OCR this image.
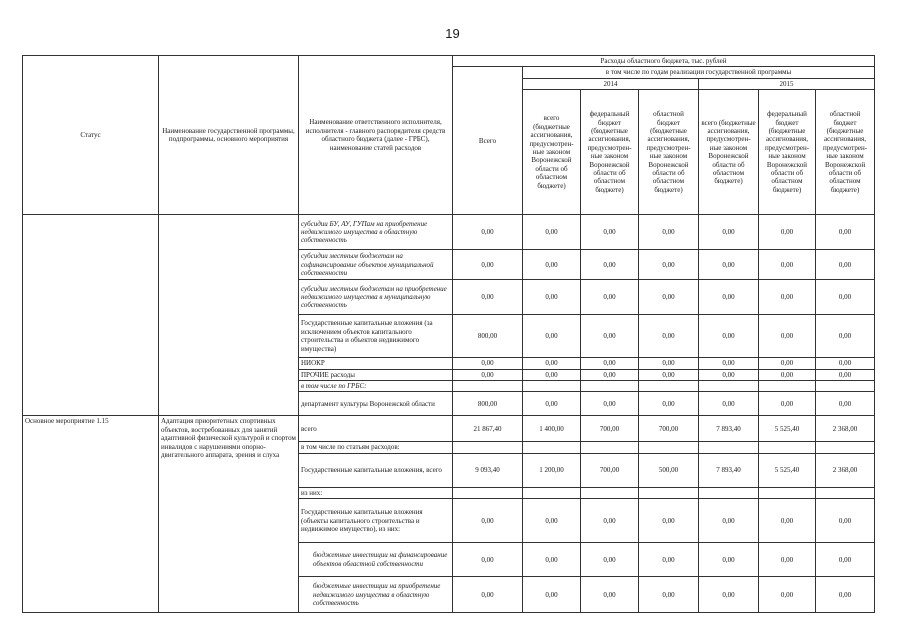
19
Статус	Наименование государственной программы, подпрограммы, основного мероприятия	Наименование ответственного исполнителя, исполнителя - главного распорядителя средств областного бюджета (далее - ГРБС), наименование статей расходов	Расходы областного бюджета, тыс. рублей						
			Всего	в том числе по годам реализации государственной программы					
				2014			2015		
				всего (бюджетные ассигнования, предусмотрен-ные законом Воронежской области об областном бюджете)	федеральный бюджет (бюджетные ассигнования, предусмотрен-ные законом Воронежской области об областном бюджете)	областной бюджет (бюджетные ассигнования, предусмотрен-ные законом Воронежской области об областном бюджете)	всего (бюджетные ассигнования, предусмотрен-ные законом Воронежской области об областном бюджете)	федеральный бюджет (бюджетные ассигнования, предусмотрен-ные законом Воронежской области об областном бюджете)	областной бюджет (бюджетные ассигнования, предусмотрен-ные законом Воронежской области об областном бюджете)
		субсидии БУ, АУ, ГУПам на приобретение недвижимого имущества в областную собственность	0,00	0,00	0,00	0,00	0,00	0,00	0,00
		субсидии местным бюджетам на софинансирование объектов муниципальной собственности	0,00	0,00	0,00	0,00	0,00	0,00	0,00
		субсидии местным бюджетам на приобретение недвижимого имущества в муниципальную собственность	0,00	0,00	0,00	0,00	0,00	0,00	0,00
		Государственные капитальные вложения (за исключением объектов капитального строительства и объектов недвижимого имущества)	800,00	0,00	0,00	0,00	0,00	0,00	0,00
		НИОКР	0,00	0,00	0,00	0,00	0,00	0,00	0,00
		ПРОЧИЕ расходы	0,00	0,00	0,00	0,00	0,00	0,00	0,00
		в том числе по ГРБС:							
		департамент культуры Воронежской области	800,00	0,00	0,00	0,00	0,00	0,00	0,00
Основное мероприятие 1.15	Адаптация приоритетных спортивных объектов, востребованных для занятий адаптивной физической культурой и спортом инвалидов с нарушениями опорно-двигательного аппарата, зрения и слуха	всего	21 867,40	1 400,00	700,00	700,00	7 893,40	5 525,40	2 368,00
		в том числе по статьям расходов:							
		Государственные капитальные вложения, всего	9 093,40	1 200,00	700,00	500,00	7 893,40	5 525,40	2 368,00
		из них:							
		Государственные капитальные вложения (объекты капитального строительства и недвижимое имущество), из них:	0,00	0,00	0,00	0,00	0,00	0,00	0,00
		бюджетные инвестиции на финансирование объектов областной собственности	0,00	0,00	0,00	0,00	0,00	0,00	0,00
		бюджетные инвестиции на приобретение недвижимого имущества в областную собственность	0,00	0,00	0,00	0,00	0,00	0,00	0,00
